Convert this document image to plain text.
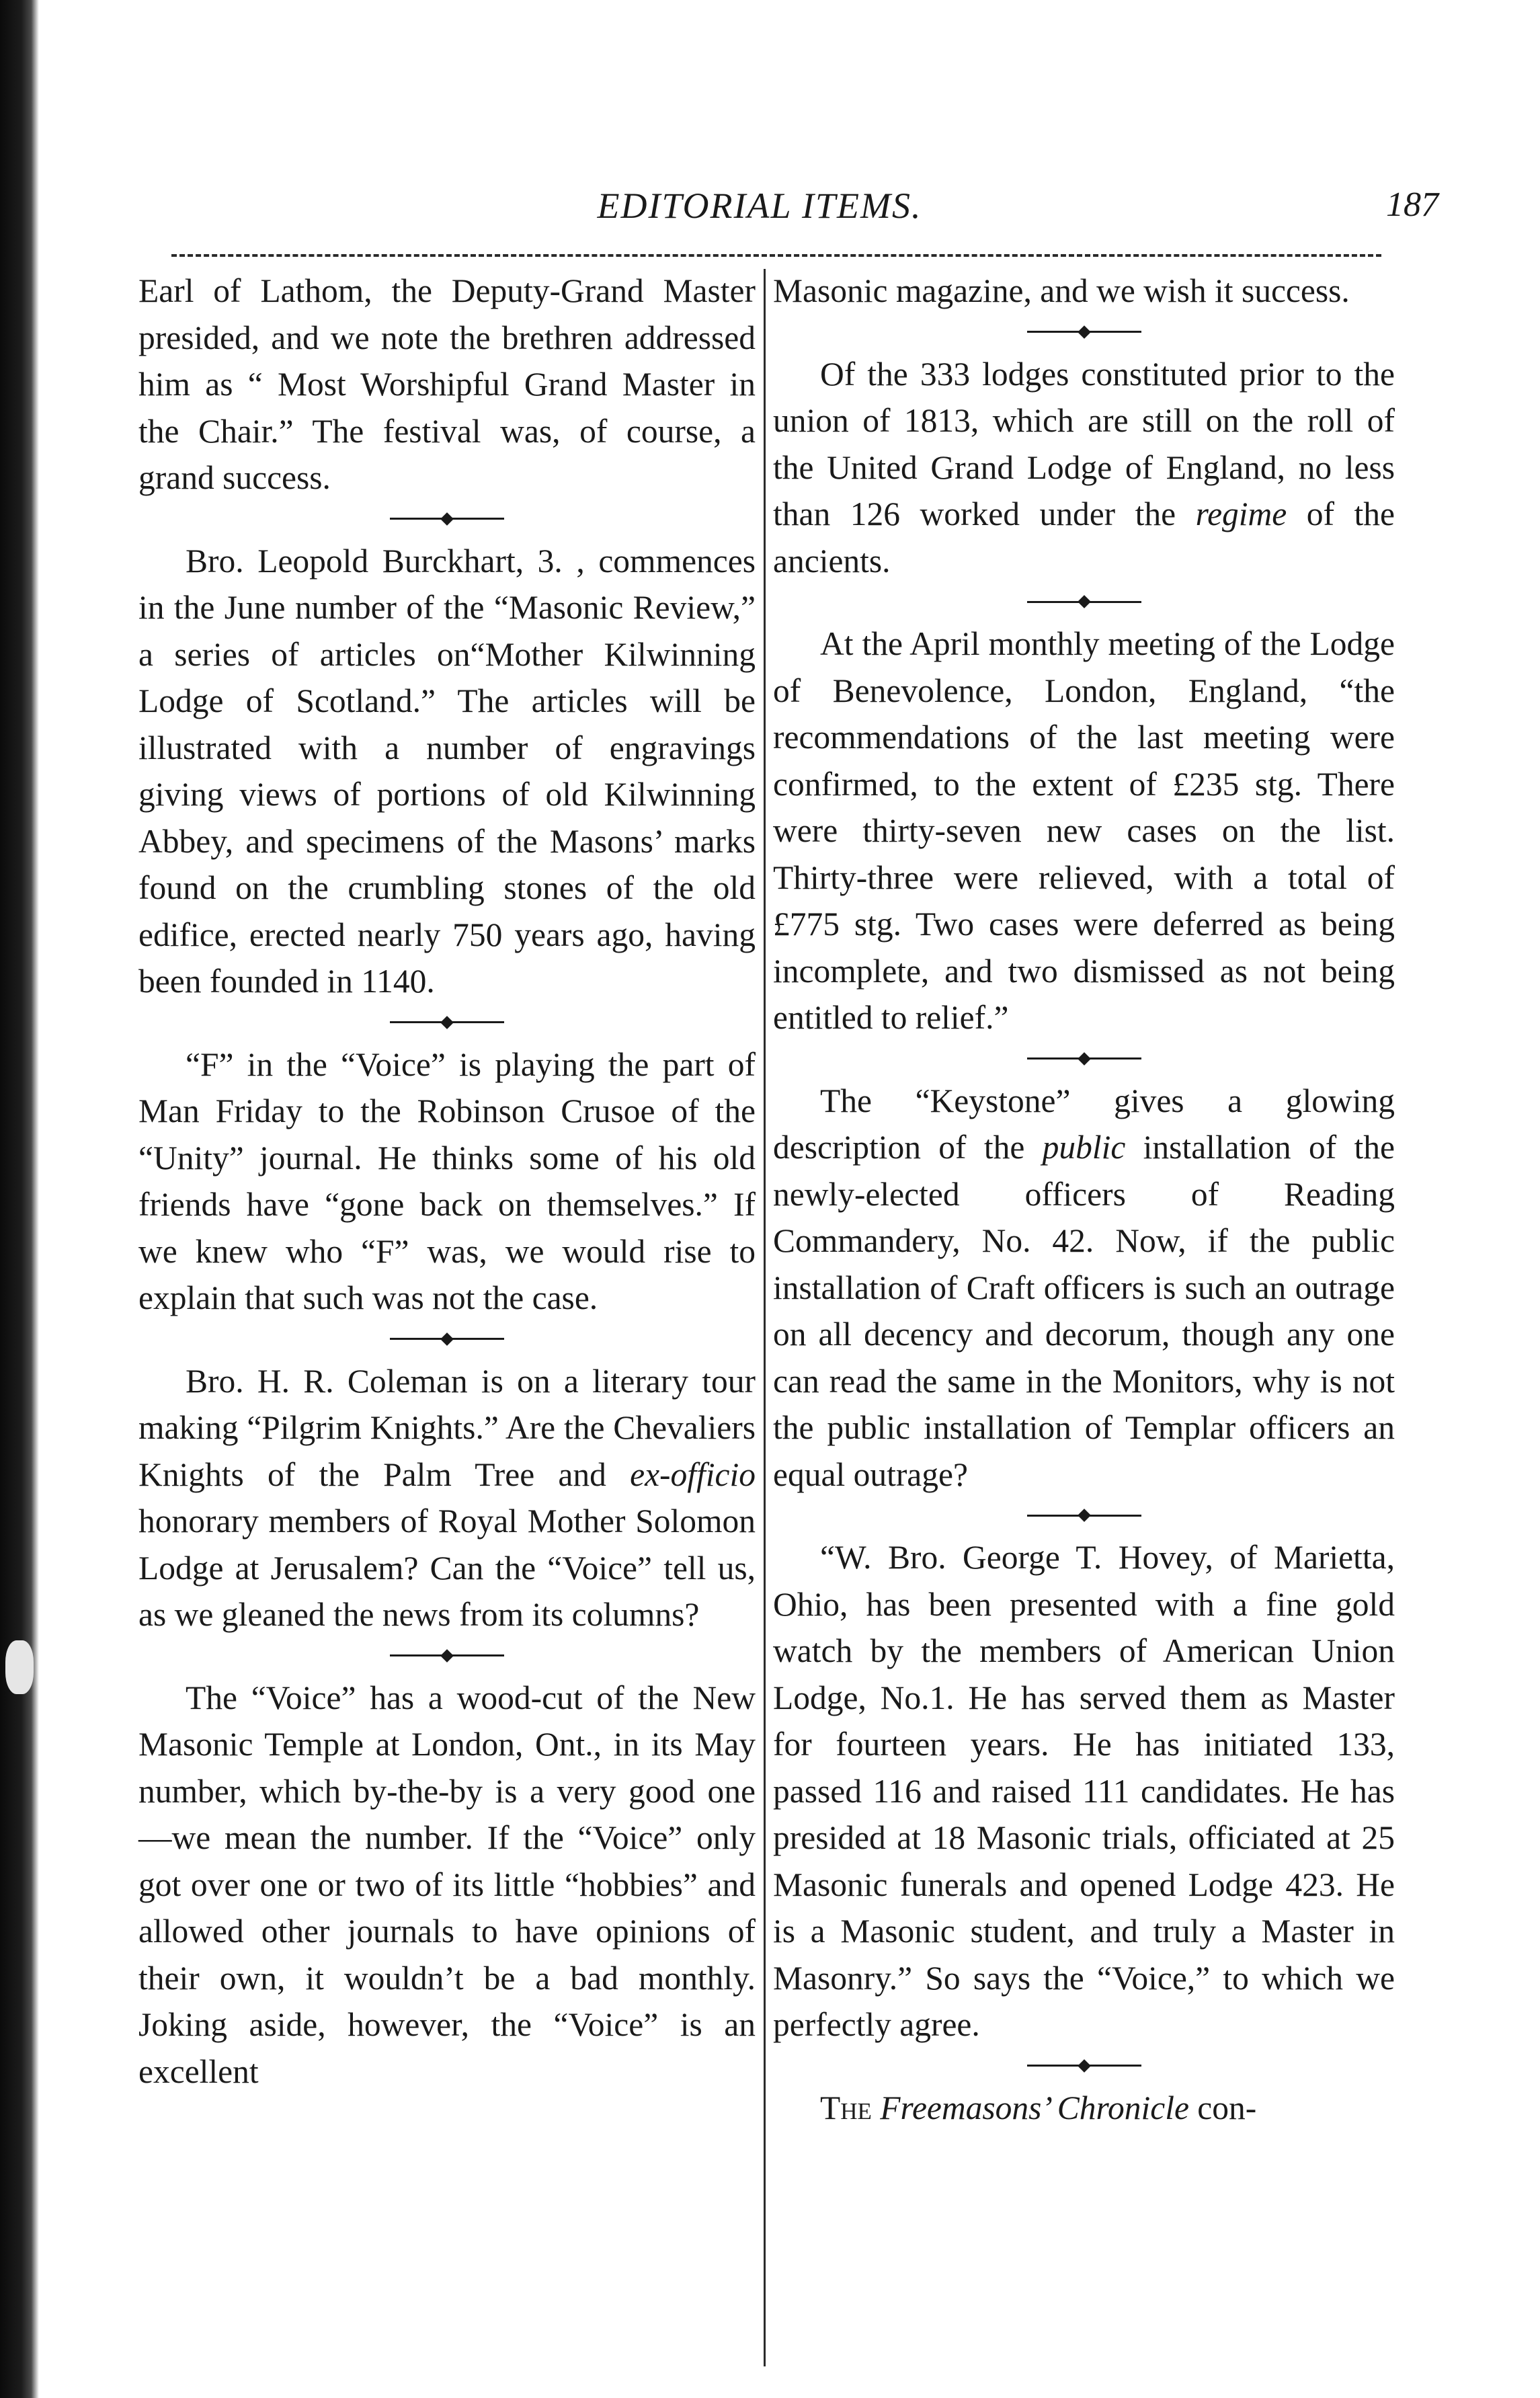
EDITORIAL ITEMS.	187

Earl of Lathom, the Deputy-Grand Master presided, and we note the brethren addressed him as “ Most Worshipful Grand Master in the Chair.” The festival was, of course, a grand success.

Bro. Leopold Burckhart, 3. , commences in the June number of the “Masonic Review,” a series of articles on“Mother Kilwinning Lodge of Scotland.” The articles will be illustrated with a number of engravings giving views of portions of old Kilwinning Abbey, and specimens of the Masons’ marks found on the crumbling stones of the old edifice, erected nearly 750 years ago, having been founded in 1140.

“F” in the “Voice” is playing the part of Man Friday to the Robinson Crusoe of the “Unity” journal. He thinks some of his old friends have “gone back on themselves.” If we knew who “F” was, we would rise to explain that such was not the case.

Bro. H. R. Coleman is on a literary tour making “Pilgrim Knights.” Are the Chevaliers Knights of the Palm Tree and ex-officio honorary members of Royal Mother Solomon Lodge at Jerusalem? Can the “Voice” tell us, as we gleaned the news from its columns?

The “Voice” has a wood-cut of the New Masonic Temple at London, Ont., in its May number, which by-the-by is a very good one—we mean the number. If the “Voice” only got over one or two of its little “hobbies” and allowed other journals to have opinions of their own, it wouldn’t be a bad monthly. Joking aside, however, the “Voice” is an excellent

Masonic magazine, and we wish it success.

Of the 333 lodges constituted prior to the union of 1813, which are still on the roll of the United Grand Lodge of England, no less than 126 worked under the regime of the ancients.

At the April monthly meeting of the Lodge of Benevolence, London, England, “the recommendations of the last meeting were confirmed, to the extent of £235 stg. There were thirty-seven new cases on the list. Thirty-three were relieved, with a total of £775 stg. Two cases were deferred as being incomplete, and two dismissed as not being entitled to relief.”

The “Keystone” gives a glowing description of the public installation of the newly-elected officers of Reading Commandery, No. 42. Now, if the public installation of Craft officers is such an outrage on all decency and decorum, though any one can read the same in the Monitors, why is not the public installation of Templar officers an equal outrage?

“W. Bro. George T. Hovey, of Marietta, Ohio, has been presented with a fine gold watch by the members of American Union Lodge, No.1. He has served them as Master for fourteen years. He has initiated 133, passed 116 and raised 111 candidates. He has presided at 18 Masonic trials, officiated at 25 Masonic funerals and opened Lodge 423. He is a Masonic student, and truly a Master in Masonry.” So says the “Voice,” to which we perfectly agree.

The Freemasons’ Chronicle con-
